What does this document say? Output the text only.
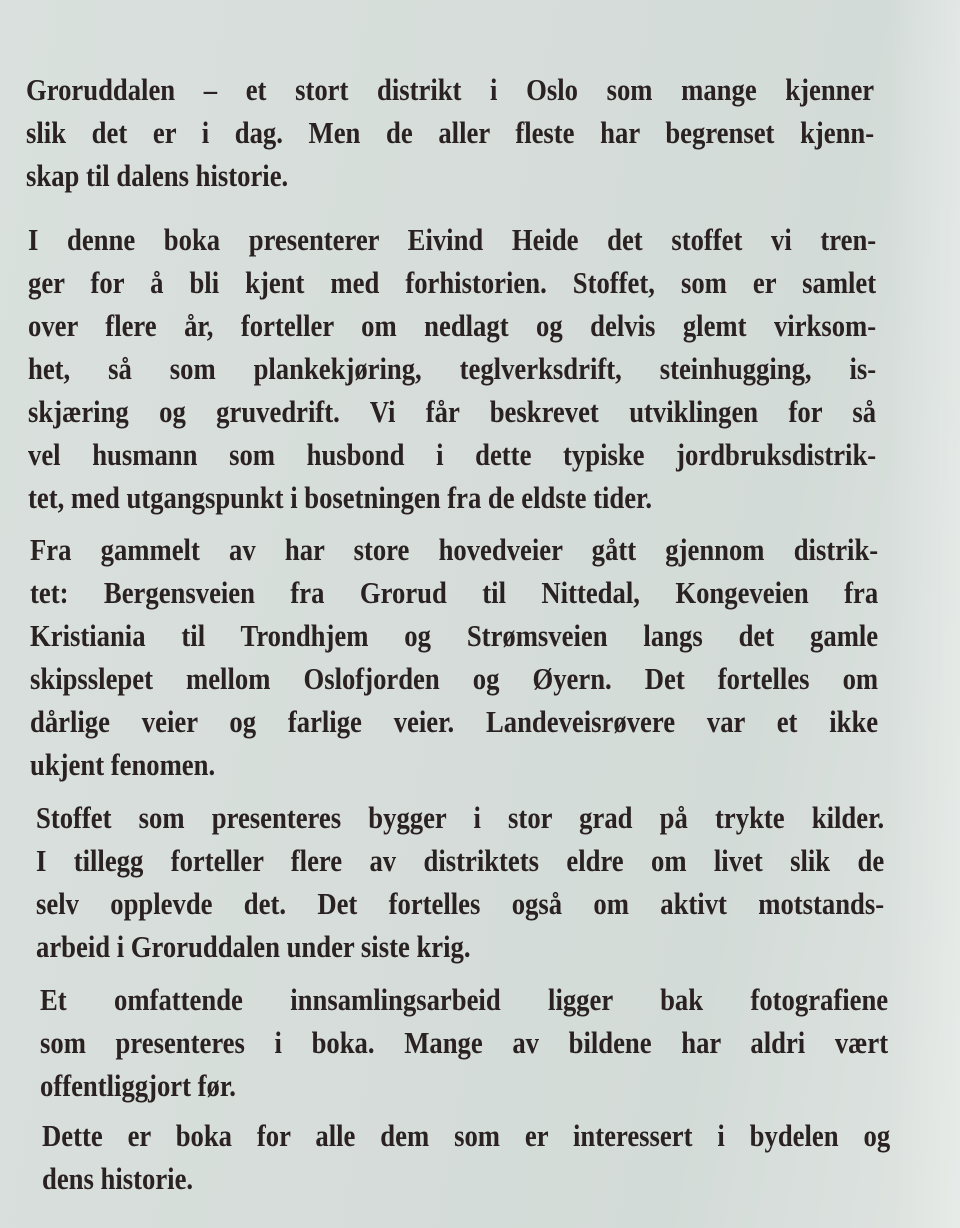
Groruddalen – et stort distrikt i Oslo som mange kjenner
slik det er i dag. Men de aller fleste har begrenset kjenn-
skap til dalens historie.
I denne boka presenterer Eivind Heide det stoffet vi tren-
ger for å bli kjent med forhistorien. Stoffet, som er samlet
over flere år, forteller om nedlagt og delvis glemt virksom-
het, så som plankekjøring, teglverksdrift, steinhugging, is-
skjæring og gruvedrift. Vi får beskrevet utviklingen for så
vel husmann som husbond i dette typiske jordbruksdistrik-
tet, med utgangspunkt i bosetningen fra de eldste tider.
Fra gammelt av har store hovedveier gått gjennom distrik-
tet: Bergensveien fra Grorud til Nittedal, Kongeveien fra
Kristiania til Trondhjem og Strømsveien langs det gamle
skipsslepet mellom Oslofjorden og Øyern. Det fortelles om
dårlige veier og farlige veier. Landeveisrøvere var et ikke
ukjent fenomen.
Stoffet som presenteres bygger i stor grad på trykte kilder.
I tillegg forteller flere av distriktets eldre om livet slik de
selv opplevde det. Det fortelles også om aktivt motstands-
arbeid i Groruddalen under siste krig.
Et omfattende innsamlingsarbeid ligger bak fotografiene
som presenteres i boka. Mange av bildene har aldri vært
offentliggjort før.
Dette er boka for alle dem som er interessert i bydelen og
dens historie.
